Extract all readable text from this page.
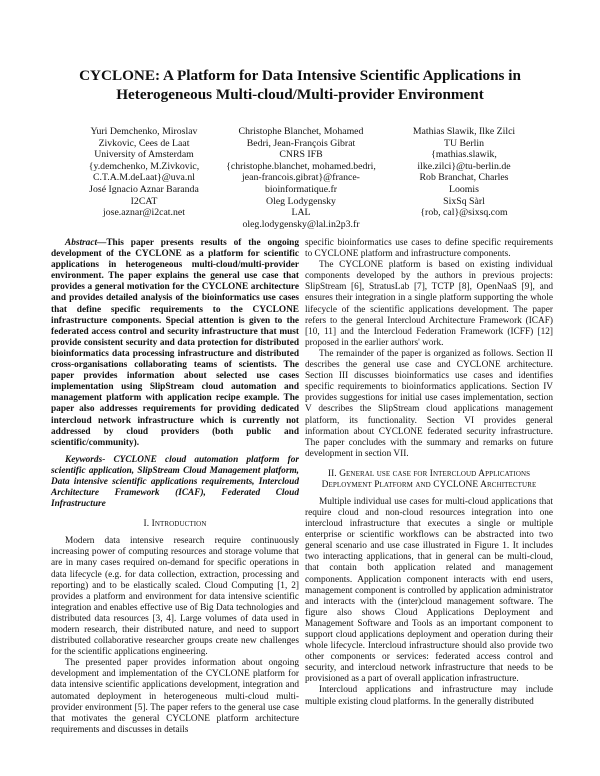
CYCLONE: A Platform for Data Intensive Scientific Applications in Heterogeneous Multi-cloud/Multi-provider Environment
Yuri Demchenko, Miroslav
Zivkovic, Cees de Laat
University of Amsterdam
{y.demchenko, M.Zivkovic,
C.T.A.M.deLaat}@uva.nl
José Ignacio Aznar Baranda
I2CAT
jose.aznar@i2cat.net
Christophe Blanchet, Mohamed
Bedri, Jean-François Gibrat
CNRS IFB
{christophe.blanchet, mohamed.bedri,
jean-francois.gibrat}@france-
bioinformatique.fr
Oleg Lodygensky
LAL
oleg.lodygensky@lal.in2p3.fr
Mathias Slawik, Ilke Zilci
TU Berlin
{mathias.slawik,
ilke.zilci}@tu-berlin.de
Rob Branchat, Charles
Loomis
SixSq Sàrl
{rob, cal}@sixsq.com

Abstract—This paper presents results of the ongoing development of the CYCLONE as a platform for scientific applications in heterogeneous multi-cloud/multi-provider environment. The paper explains the general use case that provides a general motivation for the CYCLONE architecture and provides detailed analysis of the bioinformatics use cases that define specific requirements to the CYCLONE infrastructure components. Special attention is given to the federated access control and security infrastructure that must provide consistent security and data protection for distributed bioinformatics data processing infrastructure and distributed cross-organisations collaborating teams of scientists. The paper provides information about selected use cases implementation using SlipStream cloud automation and management platform with application recipe example. The paper also addresses requirements for providing dedicated intercloud network infrastructure which is currently not addressed by cloud providers (both public and scientific/community).

Keywords- CYCLONE cloud automation platform for scientific application, SlipStream Cloud Management platform, Data intensive scientific applications requirements, Intercloud Architecture Framework (ICAF), Federated Cloud Infrastructure

I. Introduction

Modern data intensive research require continuously increasing power of computing resources and storage volume that are in many cases required on-demand for specific operations in data lifecycle (e.g. for data collection, extraction, processing and reporting) and to be elastically scaled. Cloud Computing [1, 2] provides a platform and environment for data intensive scientific integration and enables effective use of Big Data technologies and distributed data resources [3, 4]. Large volumes of data used in modern research, their distributed nature, and need to support distributed collaborative researcher groups create new challenges for the scientific applications engineering.

The presented paper provides information about ongoing development and implementation of the CYCLONE platform for data intensive scientific applications development, integration and automated deployment in heterogeneous multi-cloud multi-provider environment [5]. The paper refers to the general use case that motivates the general CYCLONE platform architecture requirements and discusses in details

specific bioinformatics use cases to define specific requirements to CYCLONE platform and infrastructure components.

The CYCLONE platform is based on existing individual components developed by the authors in previous projects: SlipStream [6], StratusLab [7], TCTP [8], OpenNaaS [9], and ensures their integration in a single platform supporting the whole lifecycle of the scientific applications development. The paper refers to the general Intercloud Architecture Framework (ICAF) [10, 11] and the Intercloud Federation Framework (ICFF) [12] proposed in the earlier authors' work.

The remainder of the paper is organized as follows. Section II describes the general use case and CYCLONE architecture. Section III discusses bioinformatics use cases and identifies specific requirements to bioinformatics applications. Section IV provides suggestions for initial use cases implementation, section V describes the SlipStream cloud applications management platform, its functionality. Section VI provides general information about CYCLONE federated security infrastructure. The paper concludes with the summary and remarks on future development in section VII.

II. General use case for Intercloud Applications Deployment Platform and CYCLONE Architecture

Multiple individual use cases for multi-cloud applications that require cloud and non-cloud resources integration into one intercloud infrastructure that executes a single or multiple enterprise or scientific workflows can be abstracted into two general scenario and use case illustrated in Figure 1. It includes two interacting applications, that in general can be multi-cloud, that contain both application related and management components. Application component interacts with end users, management component is controlled by application administrator and interacts with the (inter)cloud management software. The figure also shows Cloud Applications Deployment and Management Software and Tools as an important component to support cloud applications deployment and operation during their whole lifecycle. Intercloud infrastructure should also provide two other components or services: federated access control and security, and intercloud network infrastructure that needs to be provisioned as a part of overall application infrastructure.

Intercloud applications and infrastructure may include multiple existing cloud platforms. In the generally distributed
